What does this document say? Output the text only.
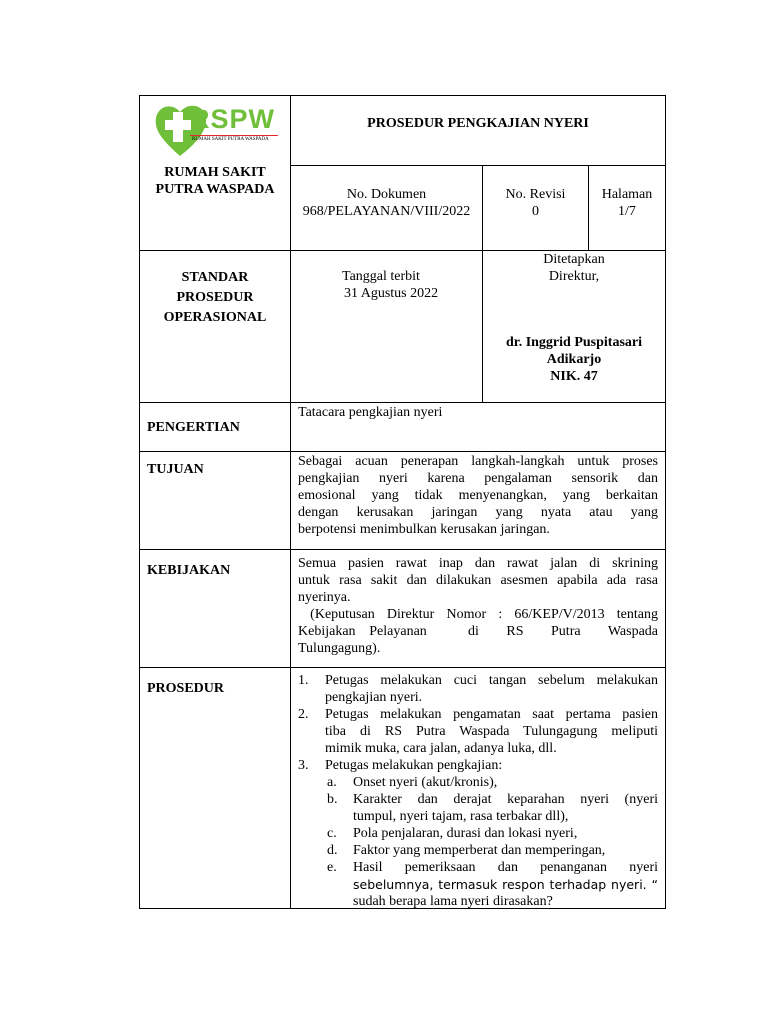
RSPW
RUMAH SAKIT PUTRA WASPADA
RUMAH SAKIT
PUTRA WASPADA
PROSEDUR PENGKAJIAN NYERI
No. Dokumen
968/PELAYANAN/VIII/2022
No. Revisi
0
Halaman
1/7
STANDAR
PROSEDUR
OPERASIONAL
Tanggal terbit
31 Agustus 2022
Ditetapkan
Direktur,
dr. Inggrid Puspitasari
Adikarjo
NIK. 47
PENGERTIAN
TUJUAN
KEBIJAKAN
PROSEDUR
Tatacara pengkajian nyeri
Sebagai acuan penerapan langkah-langkah untuk proses
pengkajian nyeri karena pengalaman sensorik dan
emosional yang tidak menyenangkan, yang berkaitan
dengan kerusakan jaringan yang nyata atau yang
berpotensi menimbulkan kerusakan jaringan.
Semua pasien rawat inap dan rawat jalan di skrining
untuk rasa sakit dan dilakukan asesmen apabila ada rasa
nyerinya.
(Keputusan Direktur Nomor : 66/KEP/V/2013 tentang
Kebijakan Pelayanan   di  RS  Putra  Waspada
Tulungagung).
1. Petugas melakukan cuci tangan sebelum melakukan
pengkajian nyeri.
2. Petugas melakukan pengamatan saat pertama pasien
tiba di RS Putra Waspada Tulungagung meliputi
mimik muka, cara jalan, adanya luka, dll.
3. Petugas melakukan pengkajian:
a. Onset nyeri (akut/kronis),
b. Karakter dan derajat keparahan nyeri (nyeri
tumpul, nyeri tajam, rasa terbakar dll),
c. Pola penjalaran, durasi dan lokasi nyeri,
d. Faktor yang memperberat dan memperingan,
e. Hasil pemeriksaan dan penanganan nyeri
sebelumnya, termasuk respon terhadap nyeri. “
sudah berapa lama nyeri dirasakan?
